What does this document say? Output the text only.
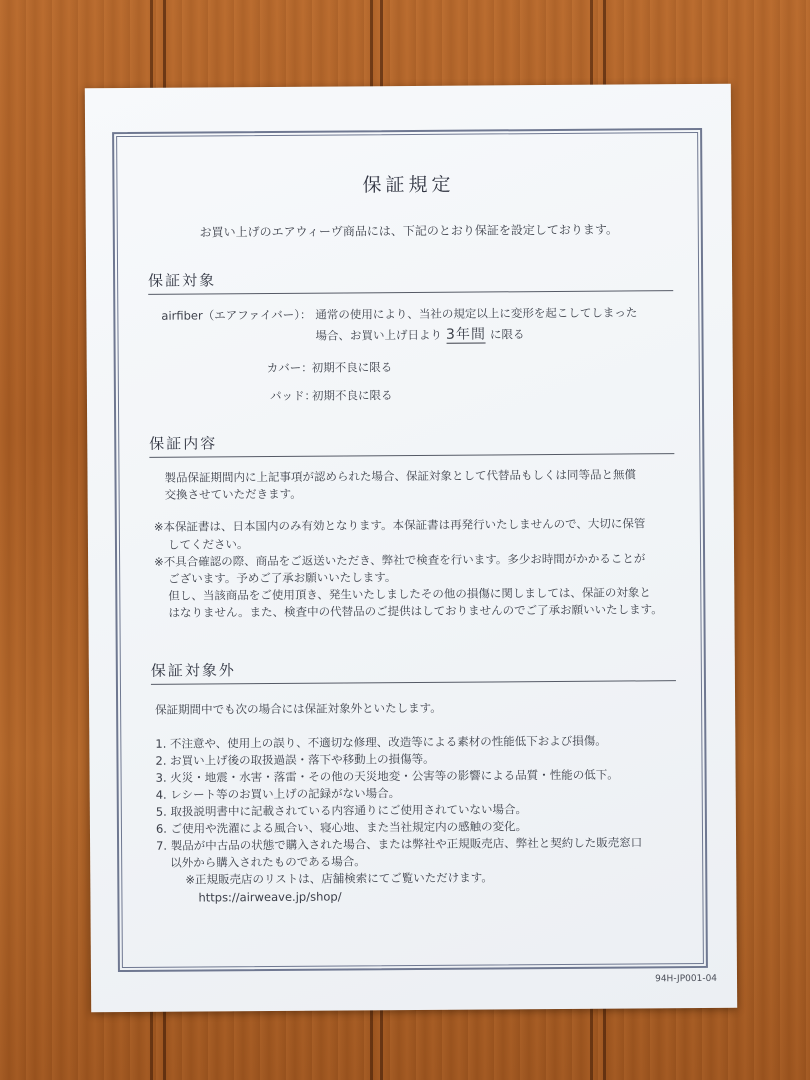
保証規定
お買い上げのエアウィーヴ商品には、下記のとおり保証を設定しております。
保証対象
airfiber（エアファイバー）： 通常の使用により、当社の規定以上に変形を起こしてしまった
場合、お買い上げ日より 3年間 に限る
カバー：
初期不良に限る
パッド：
初期不良に限る
保証内容
製品保証期間内に上記事項が認められた場合、保証対象として代替品もしくは同等品と無償
交換させていただきます。
※本保証書は、日本国内のみ有効となります。本保証書は再発行いたしませんので、大切に保管
してください。
※不具合確認の際、商品をご返送いただき、弊社で検査を行います。多少お時間がかかることが
ございます。予めご了承お願いいたします。
但し、当該商品をご使用頂き、発生いたしましたその他の損傷に関しましては、保証の対象と
はなりません。また、検査中の代替品のご提供はしておりませんのでご了承お願いいたします。
保証対象外
保証期間中でも次の場合には保証対象外といたします。
1. 不注意や、使用上の誤り、不適切な修理、改造等による素材の性能低下および損傷。
2. お買い上げ後の取扱過誤・落下や移動上の損傷等。
3. 火災・地震・水害・落雷・その他の天災地変・公害等の影響による品質・性能の低下。
4. レシート等のお買い上げの記録がない場合。
5. 取扱説明書中に記載されている内容通りにご使用されていない場合。
6. ご使用や洗濯による風合い、寝心地、また当社規定内の感触の変化。
7. 製品が中古品の状態で購入された場合、または弊社や正規販売店、弊社と契約した販売窓口
以外から購入されたものである場合。
※正規販売店のリストは、店舗検索にてご覧いただけます。
https://airweave.jp/shop/
94H-JP001-04
